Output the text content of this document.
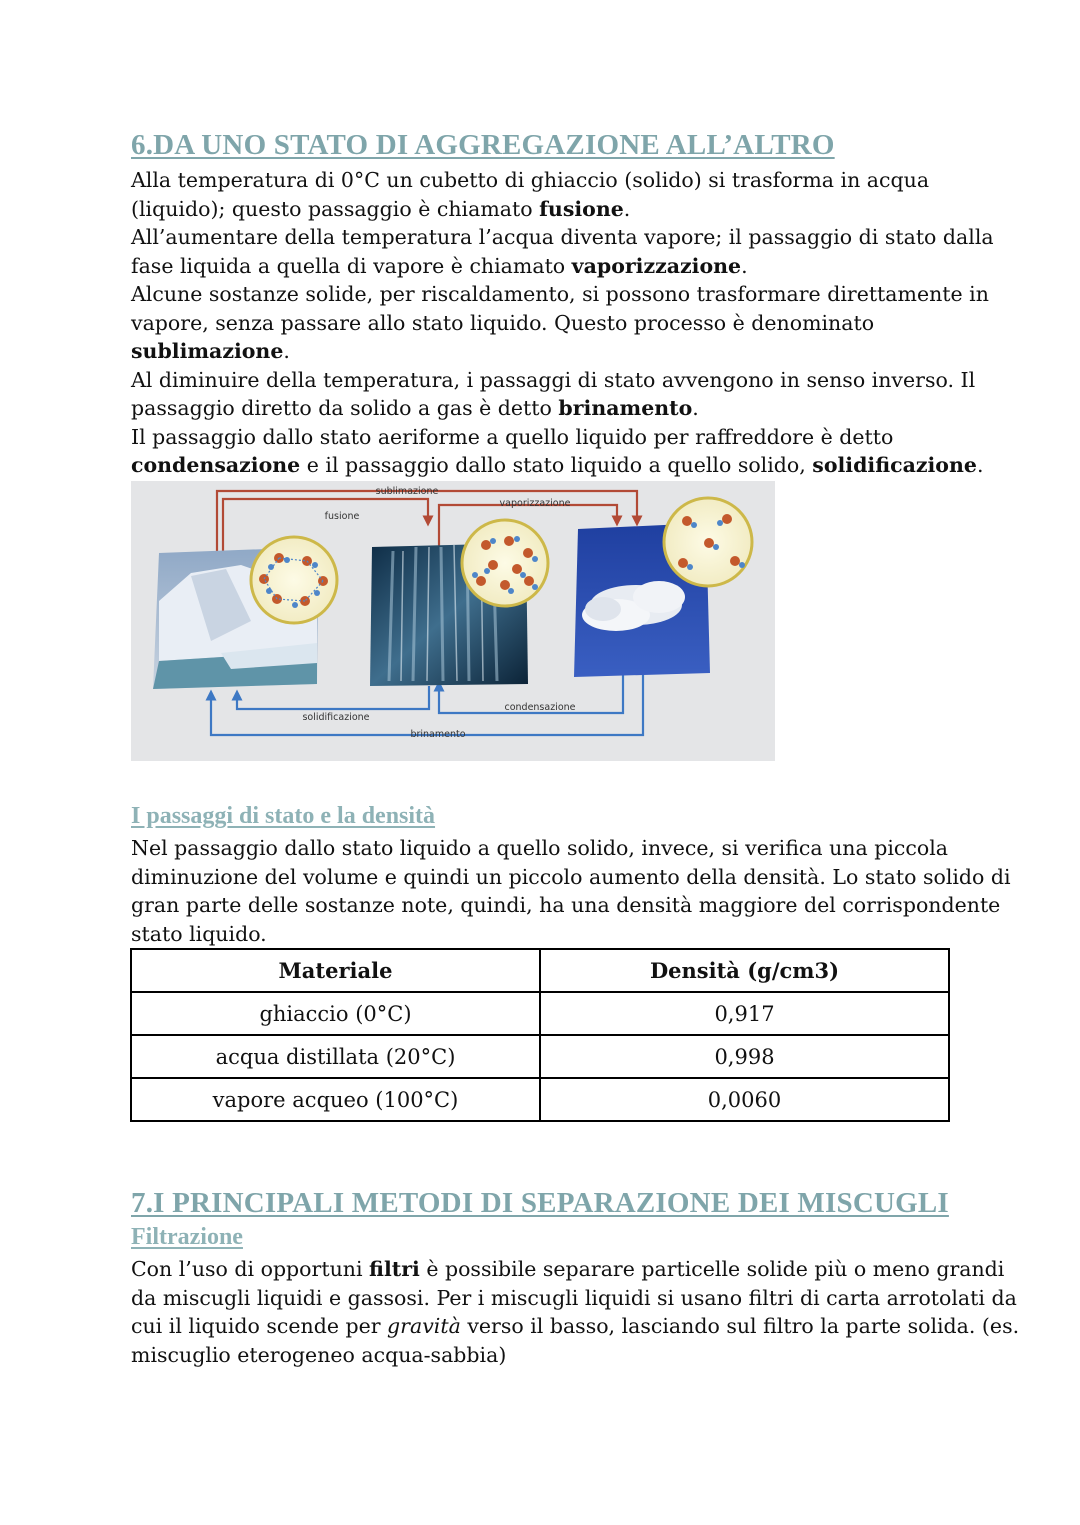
6.DA UNO STATO DI AGGREGAZIONE ALL’ALTRO
Alla temperatura di 0°C un cubetto di ghiaccio (solido) si trasforma in acqua
(liquido); questo passaggio è chiamato fusione.
All’aumentare della temperatura l’acqua diventa vapore; il passaggio di stato dalla
fase liquida a quella di vapore è chiamato vaporizzazione.
Alcune sostanze solide, per riscaldamento, si possono trasformare direttamente in
vapore, senza passare allo stato liquido. Questo processo è denominato
sublimazione.
Al diminuire della temperatura, i passaggi di stato avvengono in senso inverso. Il
passaggio diretto da solido a gas è detto brinamento.
Il passaggio dallo stato aeriforme a quello liquido per raffreddore è detto
condensazione e il passaggio dallo stato liquido a quello solido, solidificazione.
sublimazione
fusione
vaporizzazione
solidificazione
condensazione
brinamento
I passaggi di stato e la densità
Nel passaggio dallo stato liquido a quello solido, invece, si verifica una piccola
diminuzione del volume e quindi un piccolo aumento della densità. Lo stato solido di
gran parte delle sostanze note, quindi, ha una densità maggiore del corrispondente
stato liquido.
Materiale	Densità (g/cm3)
ghiaccio (0°C)	0,917
acqua distillata (20°C)	0,998
vapore acqueo (100°C)	0,0060
7.I PRINCIPALI METODI DI SEPARAZIONE DEI MISCUGLI
Filtrazione
Con l’uso di opportuni filtri è possibile separare particelle solide più o meno grandi
da miscugli liquidi e gassosi. Per i miscugli liquidi si usano filtri di carta arrotolati da
cui il liquido scende per gravità verso il basso, lasciando sul filtro la parte solida. (es.
miscuglio eterogeneo acqua-sabbia)
